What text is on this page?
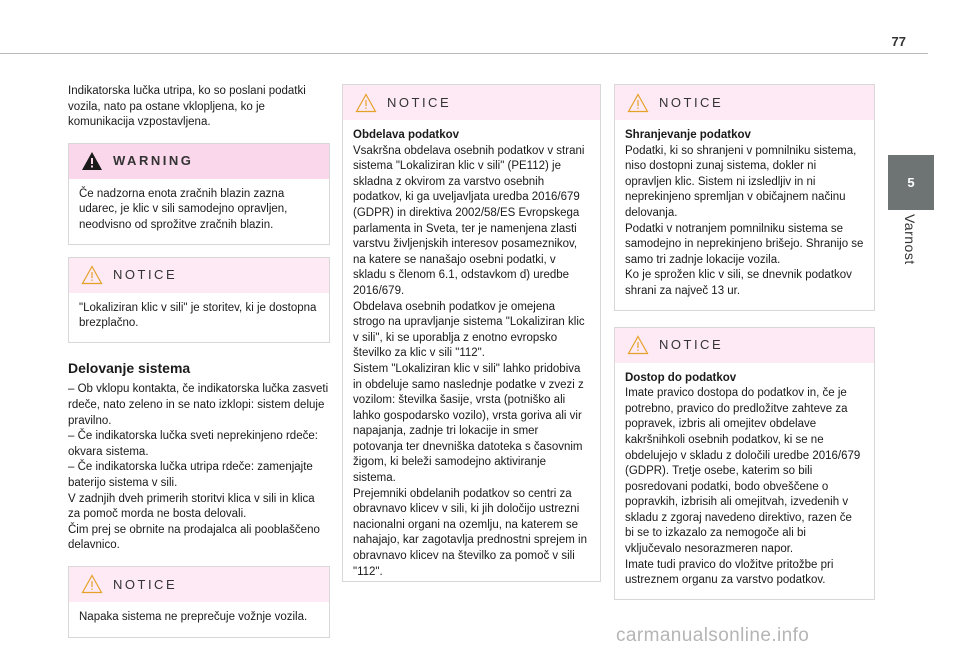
77
5
Varnost

Indikatorska lučka utripa, ko so poslani podatki vozila, nato pa ostane vklopljena, ko je komunikacija vzpostavljena.

WARNING

Če nadzorna enota zračnih blazin zazna udarec, je klic v sili samodejno opravljen, neodvisno od sprožitve zračnih blazin.

NOTICE

"Lokaliziran klic v sili" je storitev, ki je dostopna brezplačno.

Delovanje sistema

– Ob vklopu kontakta, če indikatorska lučka zasveti rdeče, nato zeleno in se nato izklopi: sistem deluje pravilno.

– Če indikatorska lučka sveti neprekinjeno rdeče: okvara sistema.

– Če indikatorska lučka utripa rdeče: zamenjajte baterijo sistema v sili.

V zadnjih dveh primerih storitvi klica v sili in klica za pomoč morda ne bosta delovali.

Čim prej se obrnite na prodajalca ali pooblaščeno delavnico.

NOTICE

Napaka sistema ne preprečuje vožnje vozila.

NOTICE

Obdelava podatkov

Vsakršna obdelava osebnih podatkov v strani sistema "Lokaliziran klic v sili" (PE112) je skladna z okvirom za varstvo osebnih podatkov, ki ga uveljavljata uredba 2016/679 (GDPR) in direktiva 2002/58/ES Evropskega parlamenta in Sveta, ter je namenjena zlasti varstvu življenjskih interesov posameznikov, na katere se nanašajo osebni podatki, v skladu s členom 6.1, odstavkom d) uredbe 2016/679.

Obdelava osebnih podatkov je omejena strogo na upravljanje sistema "Lokaliziran klic v sili", ki se uporablja z enotno evropsko številko za klic v sili "112".

Sistem "Lokaliziran klic v sili" lahko pridobiva in obdeluje samo naslednje podatke v zvezi z vozilom: številka šasije, vrsta (potniško ali lahko gospodarsko vozilo), vrsta goriva ali vir napajanja, zadnje tri lokacije in smer potovanja ter dnevniška datoteka s časovnim žigom, ki beleži samodejno aktiviranje sistema.

Prejemniki obdelanih podatkov so centri za obravnavo klicev v sili, ki jih določijo ustrezni nacionalni organi na ozemlju, na katerem se nahajajo, kar zagotavlja prednostni sprejem in obravnavo klicev na številko za pomoč v sili "112".

NOTICE

Shranjevanje podatkov

Podatki, ki so shranjeni v pomnilniku sistema, niso dostopni zunaj sistema, dokler ni opravljen klic. Sistem ni izsledljiv in ni neprekinjeno spremljan v običajnem načinu delovanja.

Podatki v notranjem pomnilniku sistema se samodejno in neprekinjeno brišejo. Shranijo se samo tri zadnje lokacije vozila.

Ko je sprožen klic v sili, se dnevnik podatkov shrani za največ 13 ur.

NOTICE

Dostop do podatkov

Imate pravico dostopa do podatkov in, če je potrebno, pravico do predložitve zahteve za popravek, izbris ali omejitev obdelave kakršnihkoli osebnih podatkov, ki se ne obdelujejo v skladu z določili uredbe 2016/679 (GDPR). Tretje osebe, katerim so bili posredovani podatki, bodo obveščene o popravkih, izbrisih ali omejitvah, izvedenih v skladu z zgoraj navedeno direktivo, razen če bi se to izkazalo za nemogoče ali bi vključevalo nesorazmeren napor.

Imate tudi pravico do vložitve pritožbe pri ustreznem organu za varstvo podatkov.

carmanualsonline.info
